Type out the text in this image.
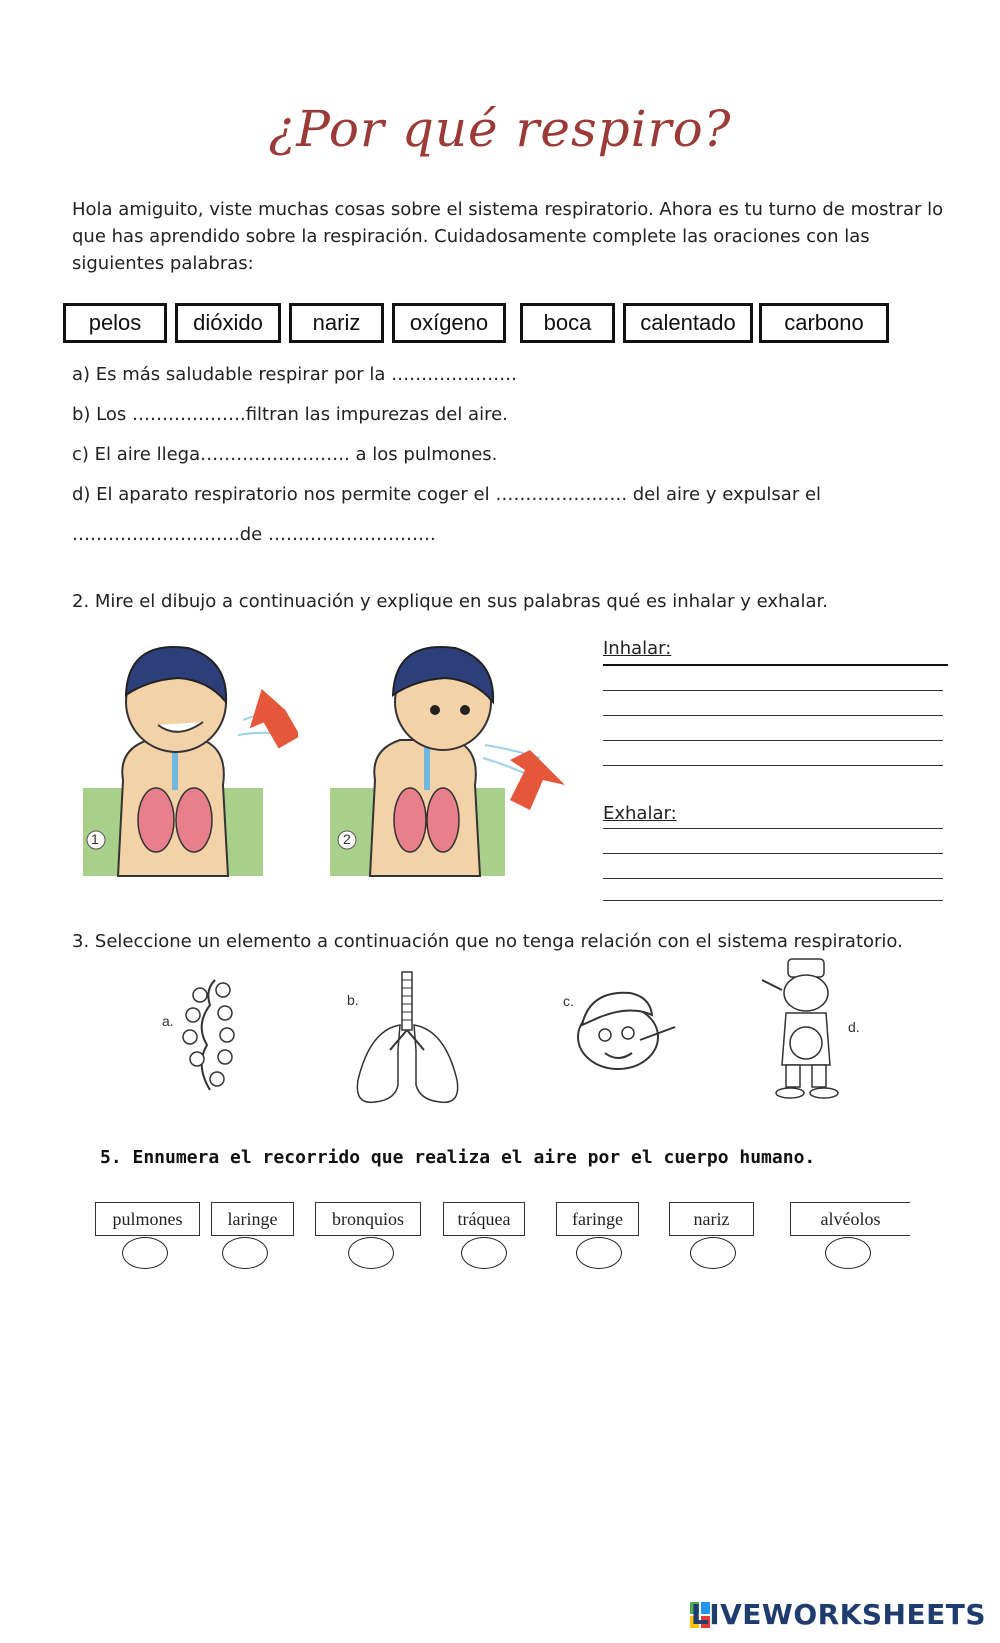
¿Por qué respiro?
Hola amiguito, viste muchas cosas sobre el sistema respiratorio. Ahora es tu turno de mostrar lo que has aprendido sobre la respiración. Cuidadosamente complete las oraciones con las siguientes palabras:
pelos	dióxido	nariz	oxígeno	boca	calentado	carbono
a) Es más saludable respirar por la …………………
b) Los ……………….filtran las impurezas del aire.
c) El aire llega……………………. a los pulmones.
d) El aparato respiratorio nos permite coger el …………………. del aire y expulsar el
……………………….de ……………………….
2. Mire el dibujo a continuación y explique en sus palabras qué es inhalar y exhalar.
1	2
Inhalar:
Exhalar:
3. Seleccione un elemento a continuación que no tenga relación con el sistema respiratorio.
a.
b.	c.
d.
5. Ennumera el recorrido que realiza el aire por el cuerpo humano.
pulmones	laringe	bronquios	tráquea	faringe	nariz	alvéolos
LIVEWORKSHEETS
